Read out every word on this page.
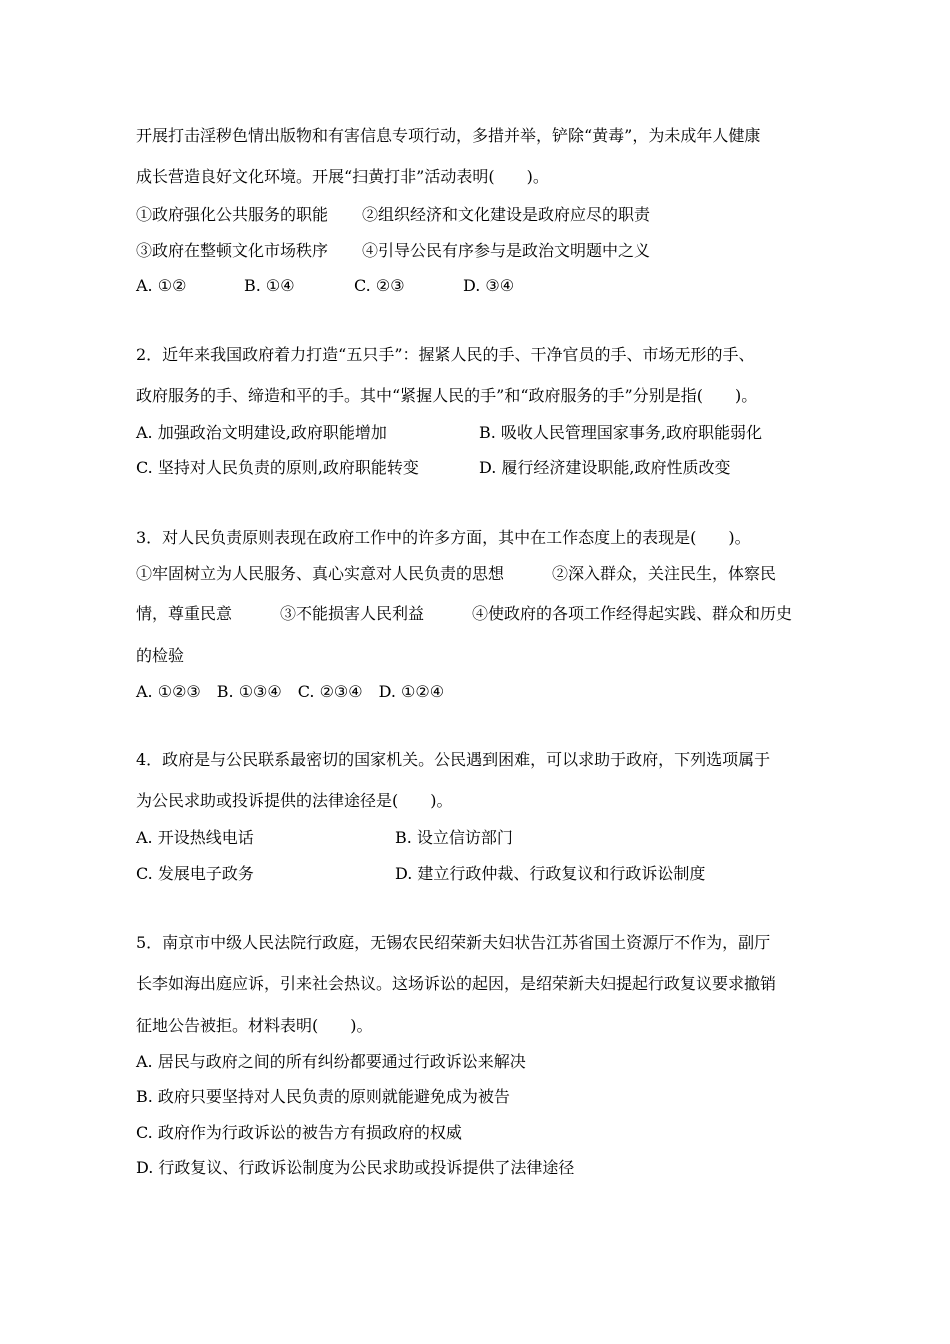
开展打击淫秽色情出版物和有害信息专项行动，多措并举，铲除“黄毒”，为未成年人健康
成长营造良好文化环境。开展“扫黄打非”活动表明(　　)。
①政府强化公共服务的职能 ②组织经济和文化建设是政府应尽的职责
③政府在整顿文化市场秩序 ④引导公民有序参与是政治文明题中之义
A. ①②	B. ①④	C. ②③	D. ③④
2．近年来我国政府着力打造“五只手”：握紧人民的手、干净官员的手、市场无形的手、
政府服务的手、缔造和平的手。其中“紧握人民的手”和“政府服务的手”分别是指(　　)。
A. 加强政治文明建设,政府职能增加	B. 吸收人民管理国家事务,政府职能弱化
C. 坚持对人民负责的原则,政府职能转变	D. 履行经济建设职能,政府性质改变
3．对人民负责原则表现在政府工作中的许多方面，其中在工作态度上的表现是(　　)。
①牢固树立为人民服务、真心实意对人民负责的思想　　　②深入群众，关注民生，体察民
情，尊重民意　　　③不能损害人民利益　　　④使政府的各项工作经得起实践、群众和历史
的检验
A. ①②③　B. ①③④　C. ②③④　D. ①②④
4．政府是与公民联系最密切的国家机关。公民遇到困难，可以求助于政府，下列选项属于
为公民求助或投诉提供的法律途径是(　　)。
A. 开设热线电话	B. 设立信访部门
C. 发展电子政务	D. 建立行政仲裁、行政复议和行政诉讼制度
5．南京市中级人民法院行政庭，无锡农民绍荣新夫妇状告江苏省国土资源厅不作为，副厅
长李如海出庭应诉，引来社会热议。这场诉讼的起因，是绍荣新夫妇提起行政复议要求撤销
征地公告被拒。材料表明(　　)。
A. 居民与政府之间的所有纠纷都要通过行政诉讼来解决
B. 政府只要坚持对人民负责的原则就能避免成为被告
C. 政府作为行政诉讼的被告方有损政府的权威
D. 行政复议、行政诉讼制度为公民求助或投诉提供了法律途径
